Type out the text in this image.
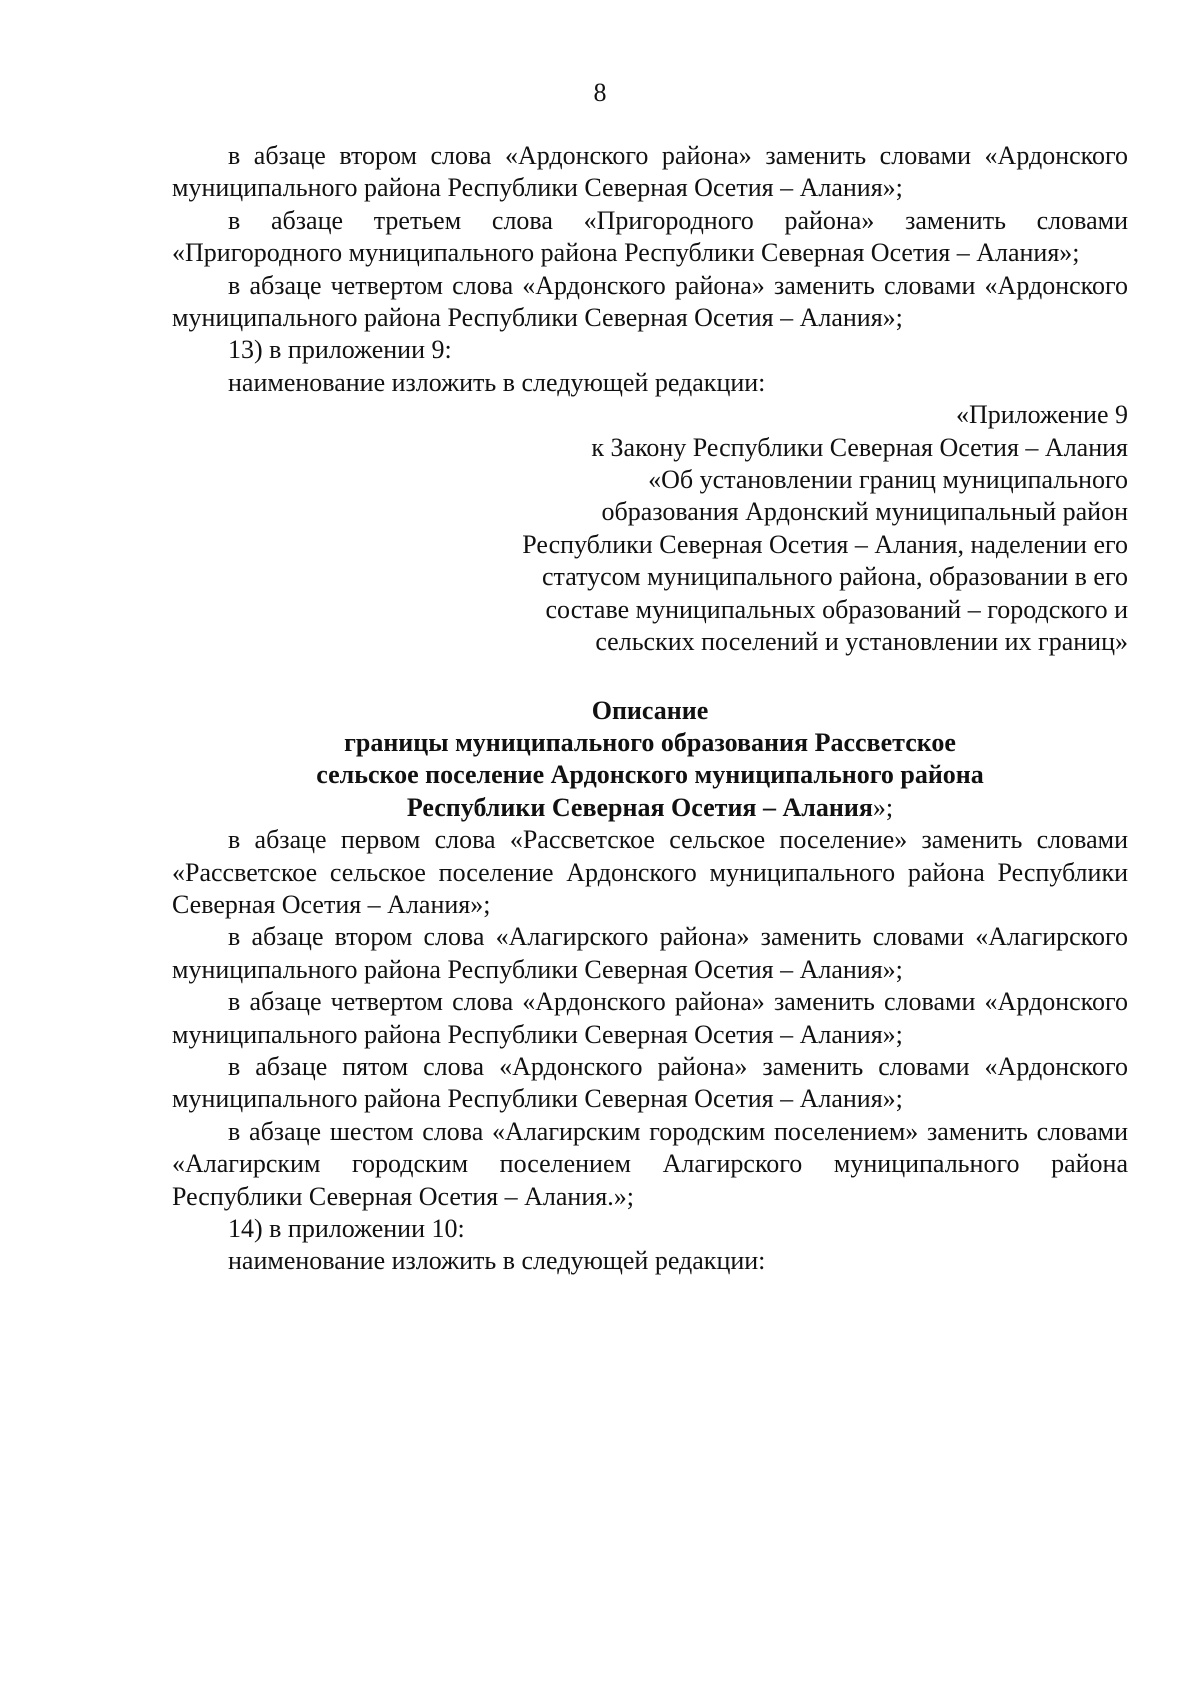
8

в абзаце втором слова «Ардонского района» заменить словами «Ардонского муниципального района Республики Северная Осетия – Алания»;

в абзаце третьем слова «Пригородного района» заменить словами «Пригородного муниципального района Республики Северная Осетия – Алания»;

в абзаце четвертом слова «Ардонского района» заменить словами «Ардонского муниципального района Республики Северная Осетия – Алания»;

13) в приложении 9:

наименование изложить в следующей редакции:

«Приложение 9
к Закону Республики Северная Осетия – Алания
«Об установлении границ муниципального
образования Ардонский муниципальный район
Республики Северная Осетия – Алания, наделении его
статусом муниципального района, образовании в его
составе муниципальных образований – городского и
сельских поселений и установлении их границ»
Описание
границы муниципального образования Рассветское
сельское поселение Ардонского муниципального района
Республики Северная Осетия – Алания»;

в абзаце первом слова «Рассветское сельское поселение» заменить словами «Рассветское сельское поселение Ардонского муниципального района Республики Северная Осетия – Алания»;

в абзаце втором слова «Алагирского района» заменить словами «Алагирского муниципального района Республики Северная Осетия – Алания»;

в абзаце четвертом слова «Ардонского района» заменить словами «Ардонского муниципального района Республики Северная Осетия – Алания»;

в абзаце пятом слова «Ардонского района» заменить словами «Ардонского муниципального района Республики Северная Осетия – Алания»;

в абзаце шестом слова «Алагирским городским поселением» заменить словами «Алагирским городским поселением Алагирского муниципального района Республики Северная Осетия – Алания.»;

14) в приложении 10:

наименование изложить в следующей редакции:
